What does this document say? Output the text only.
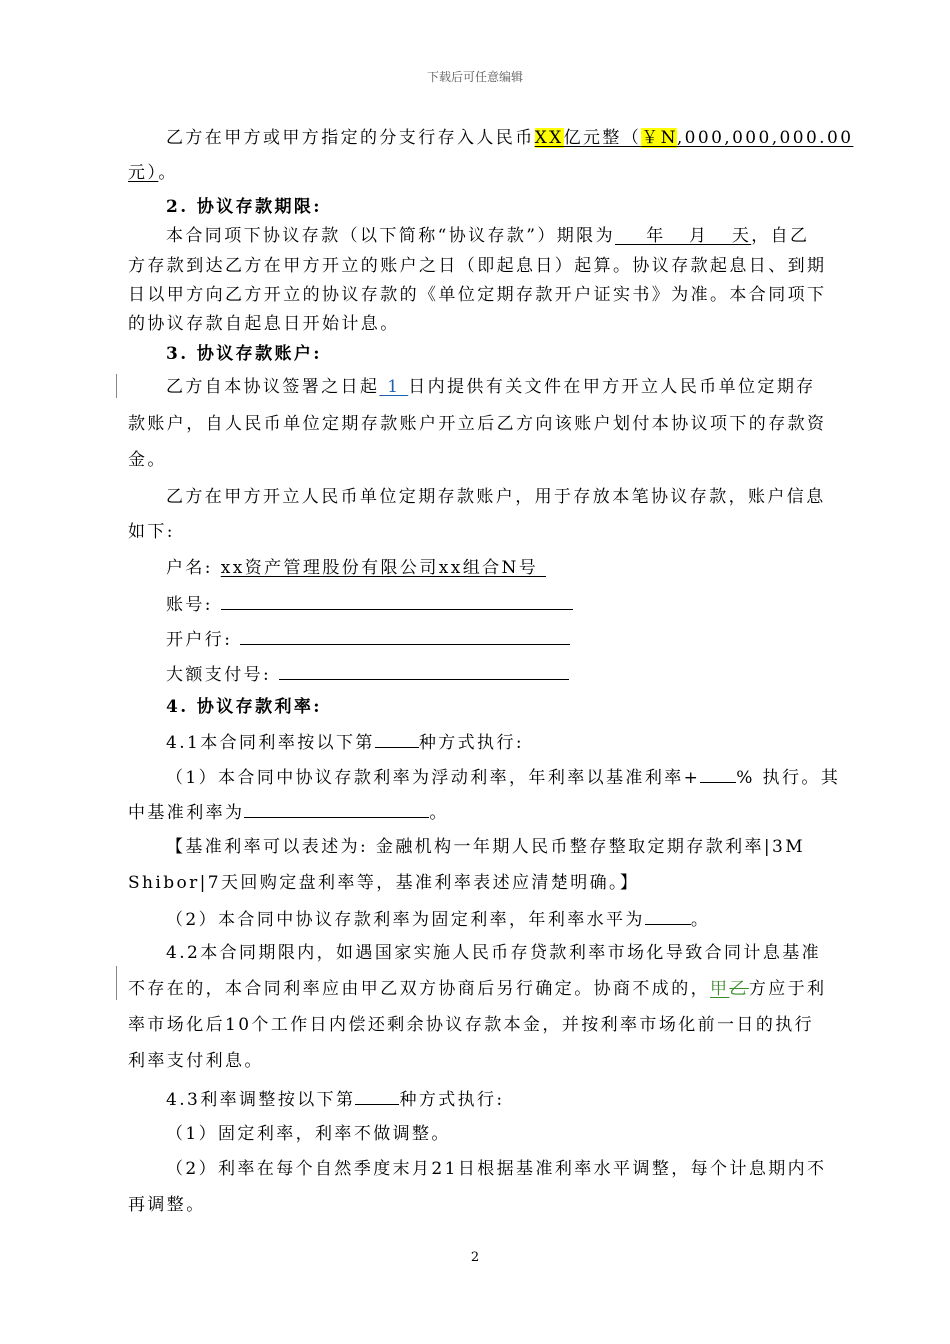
下载后可任意编辑
乙方在甲方或甲方指定的分支行存入人民币XX亿元整（￥N,000,000,000.00
元）。
2. 协议存款期限:
本合同项下协议存款（以下简称“协议存款”）期限为    年   月   天，自乙
方存款到达乙方在甲方开立的账户之日（即起息日）起算。协议存款起息日、到期
日以甲方向乙方开立的协议存款的《单位定期存款开户证实书》为准。本合同项下
的协议存款自起息日开始计息。
3. 协议存款账户:
乙方自本协议签署之日起 1 日内提供有关文件在甲方开立人民币单位定期存
款账户，自人民币单位定期存款账户开立后乙方向该账户划付本协议项下的存款资
金。
乙方在甲方开立人民币单位定期存款账户，用于存放本笔协议存款，账户信息
如下:
户名: xx资产管理股份有限公司xx组合N号
账号:
开户行:
大额支付号:
4. 协议存款利率:
4.1本合同利率按以下第	种方式执行:
（1）本合同中协议存款利率为浮动利率，年利率以基准利率+ % 执行。其
中基准利率为	。
【基准利率可以表述为: 金融机构一年期人民币整存整取定期存款利率|3M
Shibor|7天回购定盘利率等，基准利率表述应清楚明确。】
（2）本合同中协议存款利率为固定利率，年利率水平为	。
4.2本合同期限内，如遇国家实施人民币存贷款利率市场化导致合同计息基准
不存在的，本合同利率应由甲乙双方协商后另行确定。协商不成的，甲乙方应于利
率市场化后10个工作日内偿还剩余协议存款本金，并按利率市场化前一日的执行
利率支付利息。
4.3利率调整按以下第	种方式执行:
（1）固定利率，利率不做调整。
（2）利率在每个自然季度末月21日根据基准利率水平调整，每个计息期内不
再调整。
2
